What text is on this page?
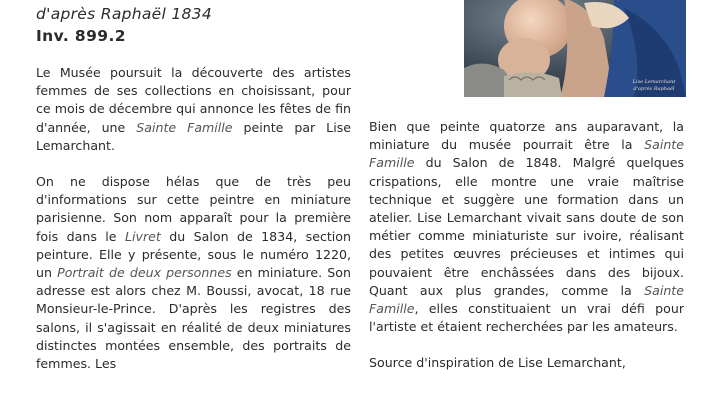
d'après Raphaël 1834
Inv. 899.2
Lise Lemarchant
d'après Raphaël

Le Musée poursuit la découverte des artistes femmes de ses collections en choisissant, pour ce mois de décembre qui annonce les fêtes de fin d'année, une Sainte Famille peinte par Lise Lemarchant.

On ne dispose hélas que de très peu d'informations sur cette peintre en miniature parisienne. Son nom apparaît pour la première fois dans le Livret du Salon de 1834, section peinture. Elle y présente, sous le numéro 1220, un Portrait de deux personnes en miniature. Son adresse est alors chez M. Boussi, avocat, 18 rue Monsieur-le-Prince. D'après les registres des salons, il s'agissait en réalité de deux miniatures distinctes montées ensemble, des portraits de femmes. Les

Bien que peinte quatorze ans auparavant, la miniature du musée pourrait être la Sainte Famille du Salon de 1848. Malgré quelques crispations, elle montre une vraie maîtrise technique et suggère une formation dans un atelier. Lise Lemarchant vivait sans doute de son métier comme miniaturiste sur ivoire, réalisant des petites œuvres précieuses et intimes qui pouvaient être enchâssées dans des bijoux. Quant aux plus grandes, comme la Sainte Famille, elles constituaient un vrai défi pour l'artiste et étaient recherchées par les amateurs.

Source d'inspiration de Lise Lemarchant,
